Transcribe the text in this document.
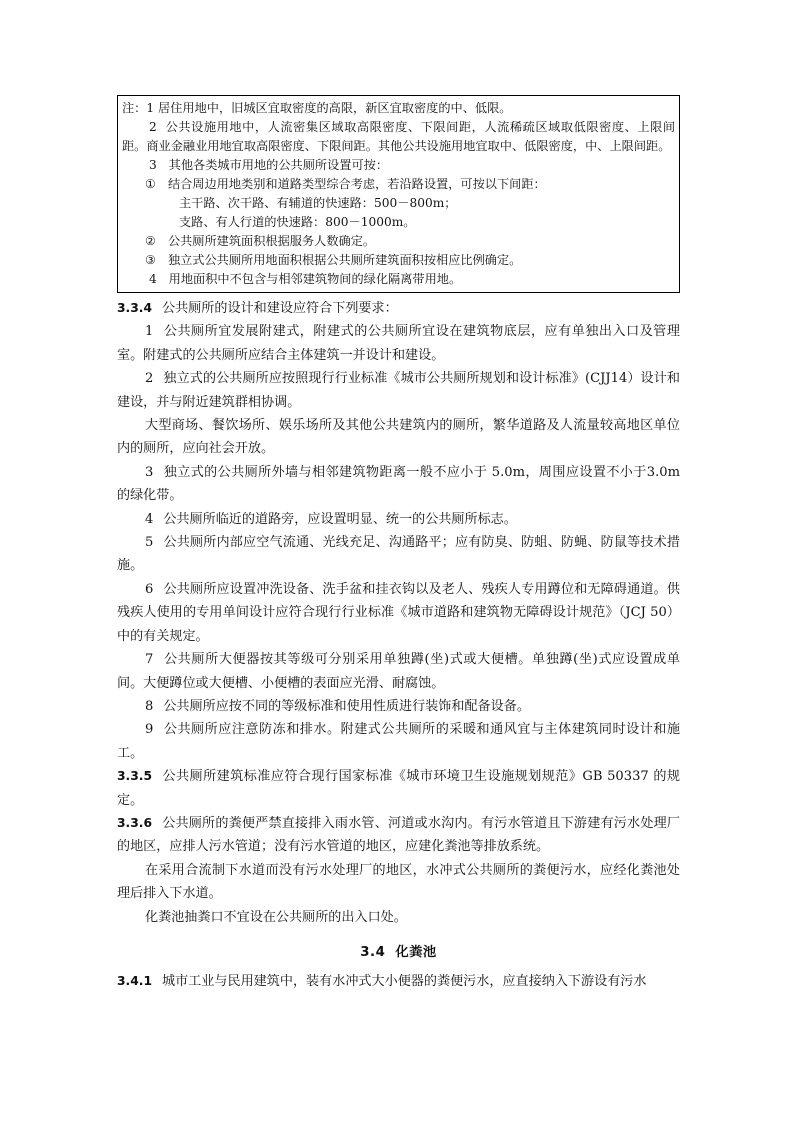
注：1 居住用地中，旧城区宜取密度的高限，新区宜取密度的中、低限。

2 公共设施用地中，人流密集区域取高限密度、下限间距，人流稀疏区域取低限密度、上限间距。商业金融业用地宜取高限密度、下限间距。其他公共设施用地宜取中、低限密度，中、上限间距。

3 其他各类城市用地的公共厕所设置可按：

① 结合周边用地类别和道路类型综合考虑，若沿路设置，可按以下间距：

主干路、次干路、有辅道的快速路：500－800m；

支路、有人行道的快速路：800－1000m。

② 公共厕所建筑面积根据服务人数确定。

③ 独立式公共厕所用地面积根据公共厕所建筑面积按相应比例确定。

4 用地面积中不包含与相邻建筑物间的绿化隔离带用地。

3.3.4 公共厕所的设计和建设应符合下列要求：

1 公共厕所宜发展附建式，附建式的公共厕所宜设在建筑物底层，应有单独出入口及管理室。附建式的公共厕所应结合主体建筑一并设计和建设。

2 独立式的公共厕所应按照现行行业标准《城市公共厕所规划和设计标准》(CJJ14）设计和建设，并与附近建筑群相协调。

大型商场、餐饮场所、娱乐场所及其他公共建筑内的厕所，繁华道路及人流量较高地区单位内的厕所，应向社会开放。

3 独立式的公共厕所外墙与相邻建筑物距离一般不应小于 5.0m，周围应设置不小于3.0m 的绿化带。

4 公共厕所临近的道路旁，应设置明显、统一的公共厕所标志。

5 公共厕所内部应空气流通、光线充足、沟通路平；应有防臭、防蛆、防蝇、防鼠等技术措施。

6 公共厕所应设置冲洗设备、洗手盆和挂衣钩以及老人、残疾人专用蹲位和无障碍通道。供残疾人使用的专用单间设计应符合现行行业标准《城市道路和建筑物无障碍设计规范》（JCJ 50）中的有关规定。

7 公共厕所大便器按其等级可分别采用单独蹲(坐)式或大便槽。单独蹲(坐)式应设置成单间。大便蹲位或大便槽、小便槽的表面应光滑、耐腐蚀。

8 公共厕所应按不同的等级标准和使用性质进行装饰和配备设备。

9 公共厕所应注意防冻和排水。附建式公共厕所的采暖和通风宜与主体建筑同时设计和施工。

3.3.5 公共厕所建筑标准应符合现行国家标准《城市环境卫生设施规划规范》GB 50337 的规定。

3.3.6 公共厕所的粪便严禁直接排入雨水管、河道或水沟内。有污水管道且下游建有污水处理厂的地区，应排人污水管道；没有污水管道的地区，应建化粪池等排放系统。

在采用合流制下水道而没有污水处理厂的地区，水冲式公共厕所的粪便污水，应经化粪池处理后排入下水道。

化粪池抽粪口不宜设在公共厕所的出入口处。

3.4 化粪池

3.4.1 城市工业与民用建筑中，装有水冲式大小便器的粪便污水，应直接纳入下游设有污水
